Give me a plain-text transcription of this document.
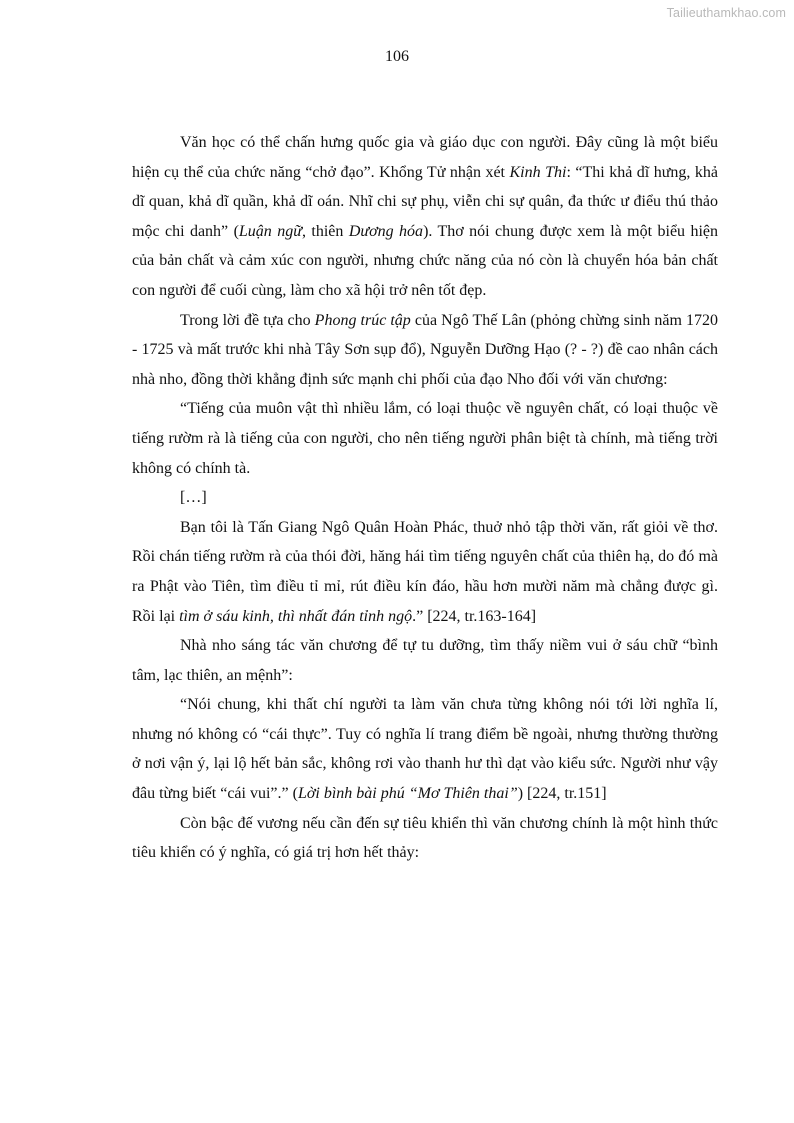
Tailieuthamkhao.com
106

Văn học có thể chấn hưng quốc gia và giáo dục con người. Đây cũng là một biểu hiện cụ thể của chức năng “chở đạo”. Khổng Tử nhận xét Kinh Thi: “Thi khả dĩ hưng, khả dĩ quan, khả dĩ quần, khả dĩ oán. Nhĩ chi sự phụ, viễn chi sự quân, đa thức ư điểu thú thảo mộc chi danh” (Luận ngữ, thiên Dương hóa). Thơ nói chung được xem là một biểu hiện của bản chất và cảm xúc con người, nhưng chức năng của nó còn là chuyển hóa bản chất con người để cuối cùng, làm cho xã hội trở nên tốt đẹp.

Trong lời đề tựa cho Phong trúc tập của Ngô Thế Lân (phỏng chừng sinh năm 1720 - 1725 và mất trước khi nhà Tây Sơn sụp đổ), Nguyễn Dưỡng Hạo (? - ?) đề cao nhân cách nhà nho, đồng thời khẳng định sức mạnh chi phối của đạo Nho đối với văn chương:

“Tiếng của muôn vật thì nhiều lắm, có loại thuộc về nguyên chất, có loại thuộc về tiếng rườm rà là tiếng của con người, cho nên tiếng người phân biệt tà chính, mà tiếng trời không có chính tà.

[…]

Bạn tôi là Tấn Giang Ngô Quân Hoàn Phác, thuở nhỏ tập thời văn, rất giỏi về thơ. Rồi chán tiếng rườm rà của thói đời, hăng hái tìm tiếng nguyên chất của thiên hạ, do đó mà ra Phật vào Tiên, tìm điều tỉ mỉ, rút điều kín đáo, hầu hơn mười năm mà chẳng được gì. Rồi lại tìm ở sáu kinh, thì nhất đán tỉnh ngộ.” [224, tr.163-164]

Nhà nho sáng tác văn chương để tự tu dưỡng, tìm thấy niềm vui ở sáu chữ “bình tâm, lạc thiên, an mệnh”:

“Nói chung, khi thất chí người ta làm văn chưa từng không nói tới lời nghĩa lí, nhưng nó không có “cái thực”. Tuy có nghĩa lí trang điểm bề ngoài, nhưng thường thường ở nơi vận ý, lại lộ hết bản sắc, không rơi vào thanh hư thì dạt vào kiểu sức. Người như vậy đâu từng biết “cái vui”.” (Lời bình bài phú “Mơ Thiên thai”) [224, tr.151]

Còn bậc đế vương nếu cần đến sự tiêu khiển thì văn chương chính là một hình thức tiêu khiển có ý nghĩa, có giá trị hơn hết thảy:
